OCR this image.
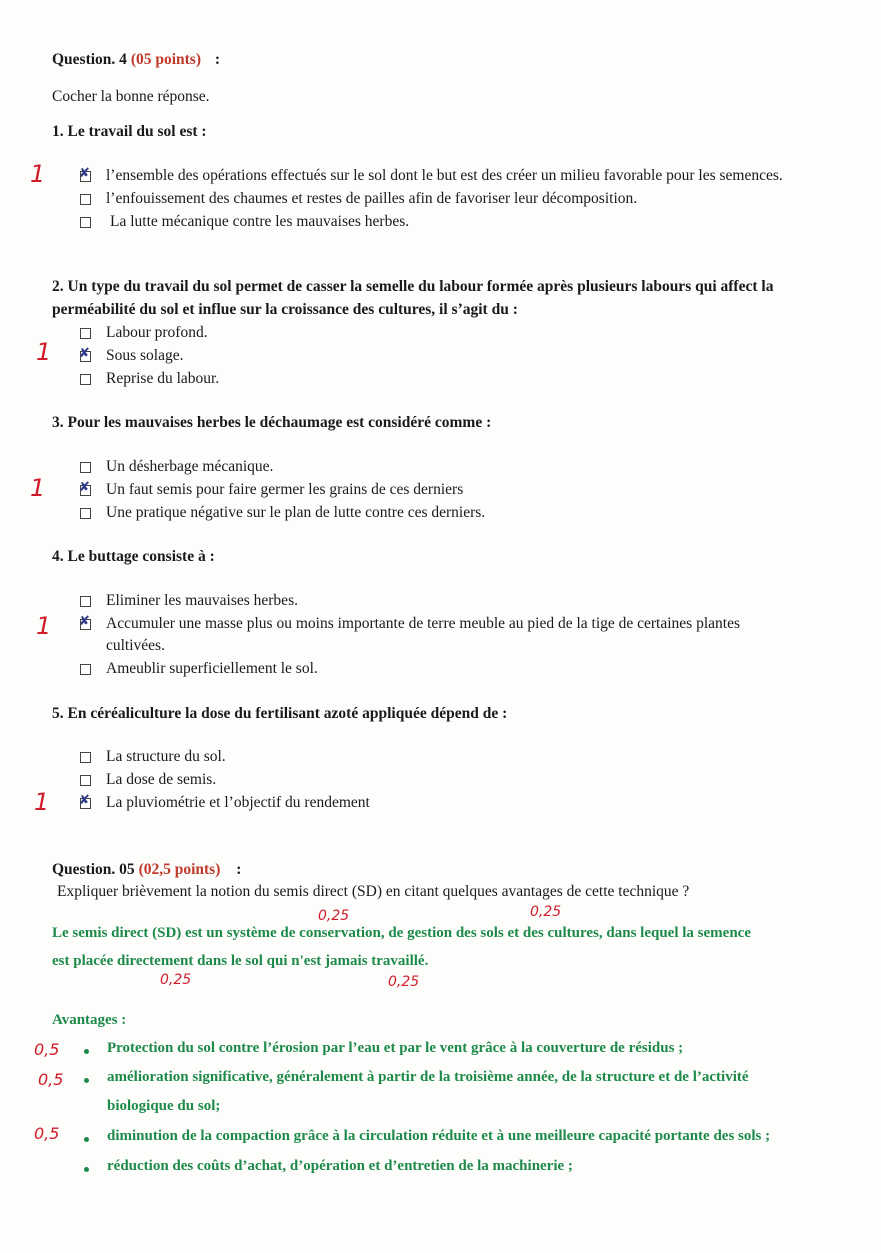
Question. 4 (05 points) :
Cocher la bonne réponse.
1. Le travail du sol est :
1	✘ l’ensemble des opérations effectués sur le sol dont le but est des créer un milieu favorable pour les semences.
l’enfouissement des chaumes et restes de pailles afin de favoriser leur décomposition.
La lutte mécanique contre les mauvaises herbes.
2. Un type du travail du sol permet de casser la semelle du labour formée après plusieurs labours qui affect la
perméabilité du sol et influe sur la croissance des cultures, il s’agit du :
Labour profond.
1 ✘ Sous solage.
Reprise du labour.
3. Pour les mauvaises herbes le déchaumage est considéré comme :
Un désherbage mécanique.
1	✘ Un faut semis pour faire germer les grains de ces derniers
Une pratique négative sur le plan de lutte contre ces derniers.
4. Le buttage consiste à :
Eliminer les mauvaises herbes.
1 ✘ Accumuler une masse plus ou moins importante de terre meuble au pied de la tige de certaines plantes
cultivées.
Ameublir superficiellement le sol.
5. En céréaliculture la dose du fertilisant azoté appliquée dépend de :
La structure du sol.
La dose de semis.
1 ✘ La pluviométrie et l’objectif du rendement
Question. 05 (02,5 points) :
Expliquer brièvement la notion du semis direct (SD) en citant quelques avantages de cette technique ?
0,25	0,25
Le semis direct (SD) est un système de conservation, de gestion des sols et des cultures, dans lequel la semence
est placée directement dans le sol qui n'est jamais travaillé.
0,25	0,25
Avantages :
0,5	Protection du sol contre l’érosion par l’eau et par le vent grâce à la couverture de résidus ;
0,5	amélioration significative, généralement à partir de la troisième année, de la structure et de l’activité
biologique du sol;
0,5	diminution de la compaction grâce à la circulation réduite et à une meilleure capacité portante des sols ;
réduction des coûts d’achat, d’opération et d’entretien de la machinerie ;
